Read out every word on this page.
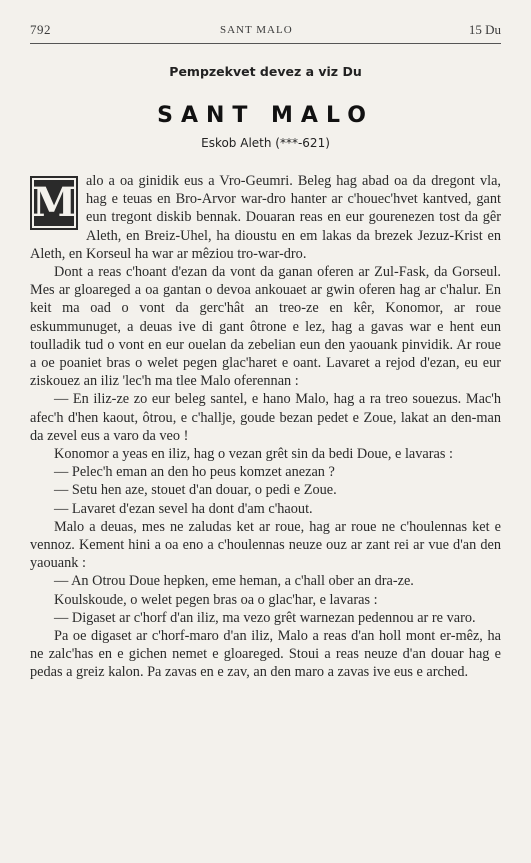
792	SANT MALO	15 Du
Pempzekvet devez a viz Du
SANT MALO
Eskob Aleth (***-621)

M alo a oa ginidik eus a Vro-Geumri. Beleg hag abad oa da dregont vla, hag e teuas en Bro-Arvor war-dro hanter ar c'houec'hvet kantved, gant eun tregont diskib bennak. Douaran reas en eur gourenezen tost da gêr Aleth, en Breiz-Uhel, ha dioustu en em lakas da brezek Jezuz-Krist en Aleth, en Korseul ha war ar mêziou tro-war-dro.

Dont a reas c'hoant d'ezan da vont da ganan oferen ar Zul-Fask, da Gorseul. Mes ar gloareged a oa gantan o devoa ankouaet ar gwin oferen hag ar c'halur. En keit ma oad o vont da gerc'hât an treo-ze en kêr, Konomor, ar roue eskummunuget, a deuas ive di gant ôtrone e lez, hag a gavas war e hent eun toulladik tud o vont en eur ouelan da zebelian eun den yaouank pinvidik. Ar roue a oe poaniet bras o welet pegen glac'haret e oant. Lavaret a rejod d'ezan, eu eur ziskouez an iliz 'lec'h ma tlee Malo oferennan :

— En iliz-ze zo eur beleg santel, e hano Malo, hag a ra treo souezus. Mac'h afec'h d'hen kaout, ôtrou, e c'hallje, goude bezan pedet e Zoue, lakat an den-man da zevel eus a varo da veo !

Konomor a yeas en iliz, hag o vezan grêt sin da bedi Doue, e lavaras :

— Pelec'h eman an den ho peus komzet anezan ?

— Setu hen aze, stouet d'an douar, o pedi e Zoue.

— Lavaret d'ezan sevel ha dont d'am c'haout.

Malo a deuas, mes ne zaludas ket ar roue, hag ar roue ne c'houlennas ket e vennoz. Kement hini a oa eno a c'houlennas neuze ouz ar zant rei ar vue d'an den yaouank :

— An Otrou Doue hepken, eme heman, a c'hall ober an dra-ze.

Koulskoude, o welet pegen bras oa o glac'har, e lavaras :

— Digaset ar c'horf d'an iliz, ma vezo grêt warnezan pedennou ar re varo.

Pa oe digaset ar c'horf-maro d'an iliz, Malo a reas d'an holl mont er-mêz, ha ne zalc'has en e gichen nemet e gloareged. Stoui a reas neuze d'an douar hag e pedas a greiz kalon. Pa zavas en e zav, an den maro a zavas ive eus e arched.
